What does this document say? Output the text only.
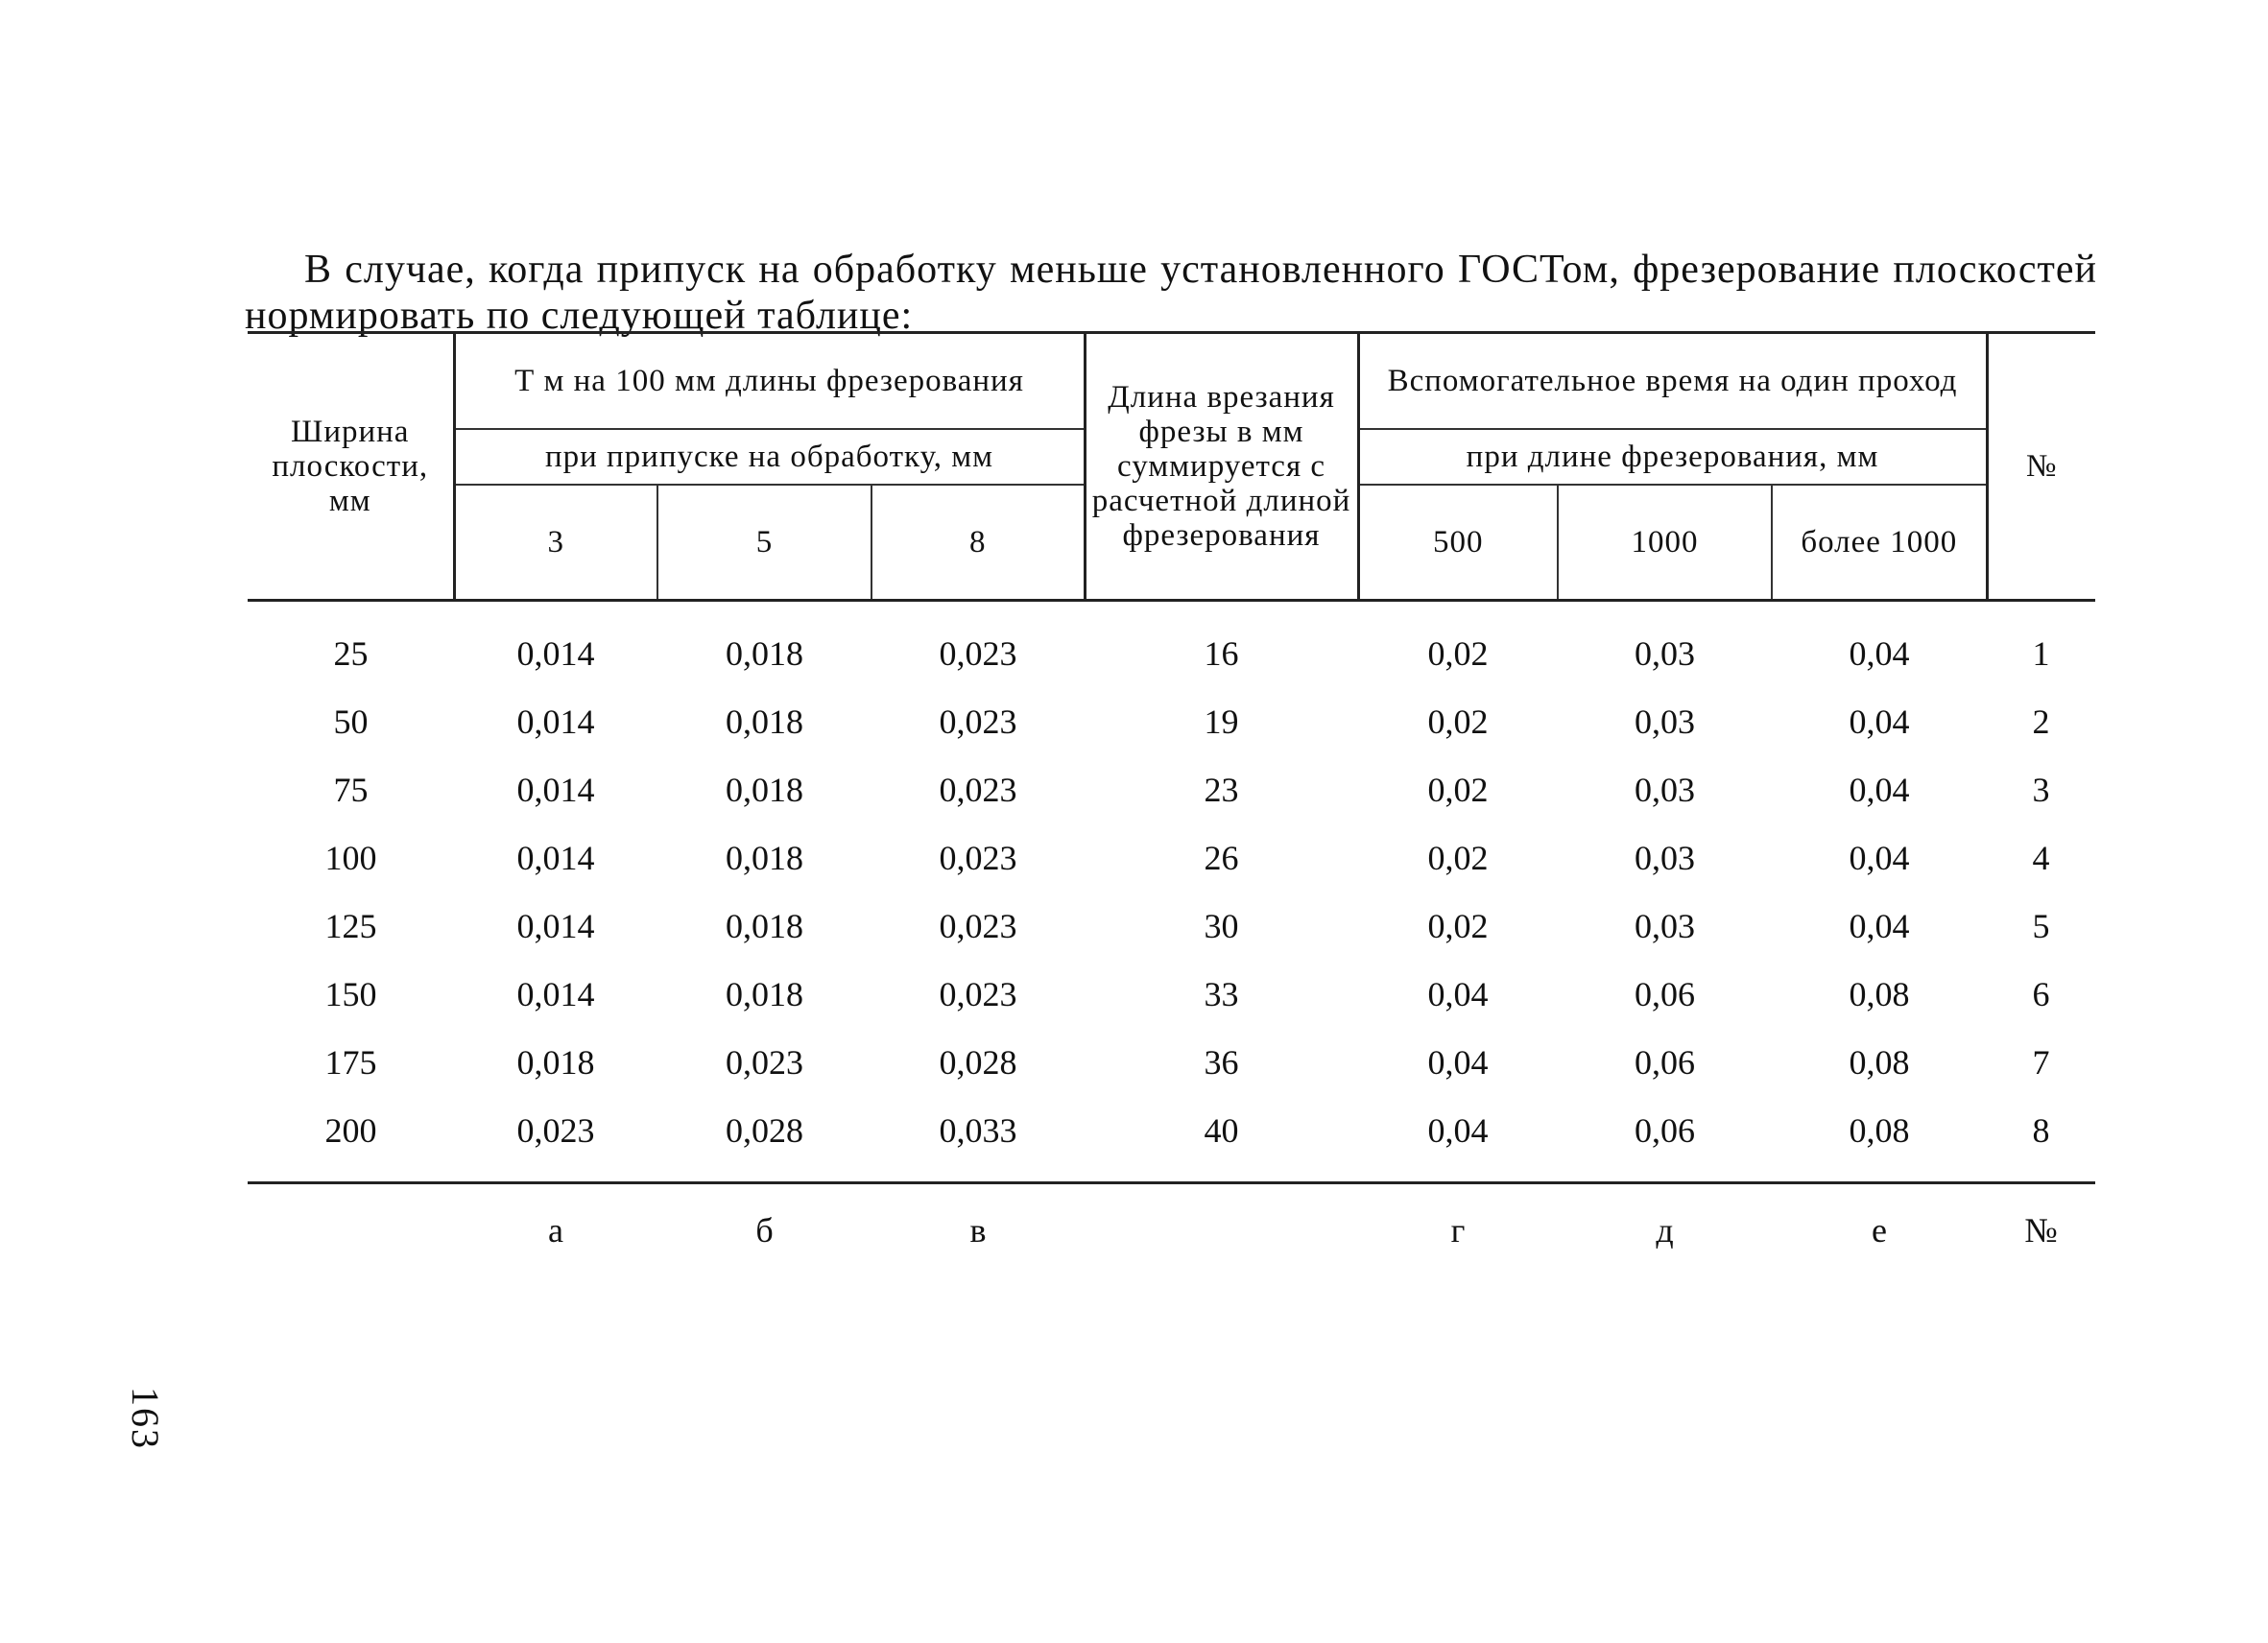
В случае, когда припуск на обработку меньше установленного ГОСТом, фрезерование плоскостей нормировать по следующей таблице:

Ширина плоскости, мм	Т м на 100 мм длины фрезерования			Длина врезания фрезы в мм суммируется с расчетной длиной фрезерования	Вспомогательное время на один проход			№
	при припуске на обработку, мм				при длине фрезерования, мм			
	3	5	8		500	1000	более 1000	
25	0,014	0,018	0,023	16	0,02	0,03	0,04	1
50	0,014	0,018	0,023	19	0,02	0,03	0,04	2
75	0,014	0,018	0,023	23	0,02	0,03	0,04	3
100	0,014	0,018	0,023	26	0,02	0,03	0,04	4
125	0,014	0,018	0,023	30	0,02	0,03	0,04	5
150	0,014	0,018	0,023	33	0,04	0,06	0,08	6
175	0,018	0,023	0,028	36	0,04	0,06	0,08	7
200	0,023	0,028	0,033	40	0,04	0,06	0,08	8
	а	б	в		г	д	е	№
163
